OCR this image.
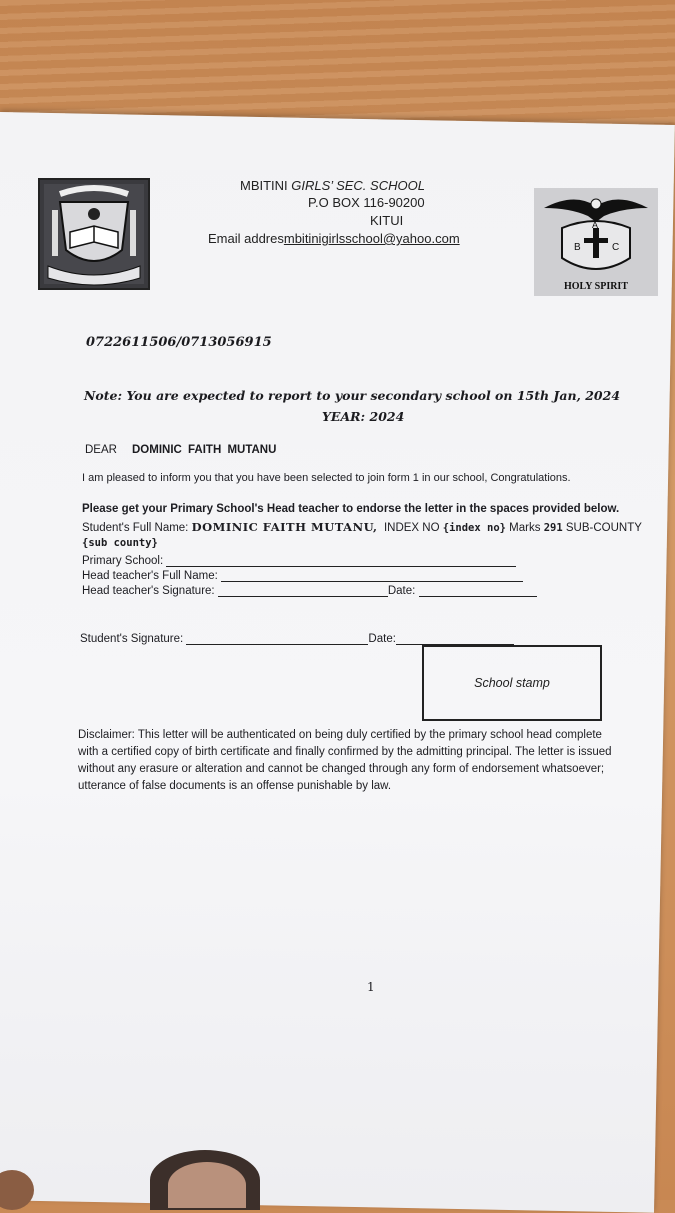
B	C
A
HOLY SPIRIT
MBITINI GIRLS’ SEC. SCHOOL
P.O BOX 116-90200
KITUI
Email addresmbitinigirlsschool@yahoo.com
0722611506/0713056915
Note: You are expected to report to your secondary school on 15th Jan, 2024
YEAR: 2024
DEAR DOMINIC FAITH MUTANU
I am pleased to inform you that you have been selected to join form 1 in our school, Congratulations.
Please get your Primary School's Head teacher to endorse the letter in the spaces provided below.
Student's Full Name: DOMINIC FAITH MUTANU, INDEX NO {index no} Marks 291 SUB-COUNTY
{sub county}
Primary School:
Head teacher's Full Name:
Head teacher's Signature:	Date:
Student's Signature:	Date:
School stamp
Disclaimer: This letter will be authenticated on being duly certified by the primary school head complete with a certified copy of birth certificate and finally confirmed by the admitting principal. The letter is issued without any erasure or alteration and cannot be changed through any form of endorsement whatsoever; utterance of false documents is an offense punishable by law.
1
